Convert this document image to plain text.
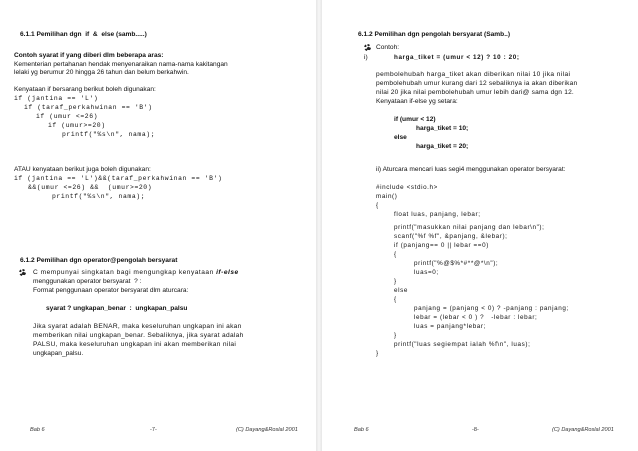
6.1.1 Pemilihan dgn  if  &  else (samb.....)
Contoh syarat if yang diberi dlm beberapa aras:
Kementerian pertahanan hendak menyenaraikan nama-nama kakitangan
lelaki yg berumur 20 hingga 26 tahun dan belum berkahwin.
Kenyataan if bersarang berikut boleh digunakan:
if (jantina == 'L')
if (taraf_perkahwinan == 'B')
if (umur <=26)
if (umur>=20)
printf("%s\n", nama);
ATAU kenyataan berikut juga boleh digunakan:
if (jantina == 'L')&&(taraf_perkahwinan == 'B')
&&(umur <=26) &&  (umur>=20)
printf("%s\n", nama);
6.1.2 Pemilihan dgn operator@pengolah bersyarat
C mempunyai singkatan bagi mengungkap kenyataan if-else
menggunakan operator bersyarat  ? :
Format penggunaan operator bersyarat dlm aturcara:
syarat ? ungkapan_benar  :  ungkapan_palsu
Jika syarat adalah BENAR, maka keseluruhan ungkapan ini akan
memberikan nilai ungkapan_benar. Sebaliknya, jika syarat adalah
PALSU, maka keseluruhan ungkapan ini akan memberikan nilai
ungkapan_palsu.
Bab 6	-7-	(C) Dayang&Roslal 2001
6.1.2 Pemilihan dgn pengolah bersyarat (Samb..)
Contoh:
i)	harga_tiket = (umur < 12) ? 10 : 20;
pembolehubah harga_tiket akan diberikan nilai 10 jika nilai
pembolehubah umur kurang dari 12 sebaliknya ia akan diberikan
nilai 20 jika nilai pembolehubah umur lebih dari@ sama dgn 12.
Kenyataan if-else yg setara:
if (umur < 12)
harga_tiket = 10;
else
harga_tiket = 20;
ii) Aturcara mencari luas segi4 menggunakan operator bersyarat:
#include <stdio.h>
main()
{
float luas, panjang, lebar;
printf("masukkan nilai panjang dan lebar\n");
scanf("%f %f", &panjang, &lebar);
if (panjang== 0 || lebar ==0)
{
printf("%@$%*#**@*\n");
luas=0;
}
else
{
panjang = (panjang < 0) ? -panjang : panjang;
lebar = (lebar < 0 ) ?   -lebar : lebar;
luas = panjang*lebar;
}
printf("luas segiempat ialah %f\n", luas);
}
Bab 6	-8-	(C) Dayang&Roslal 2001
